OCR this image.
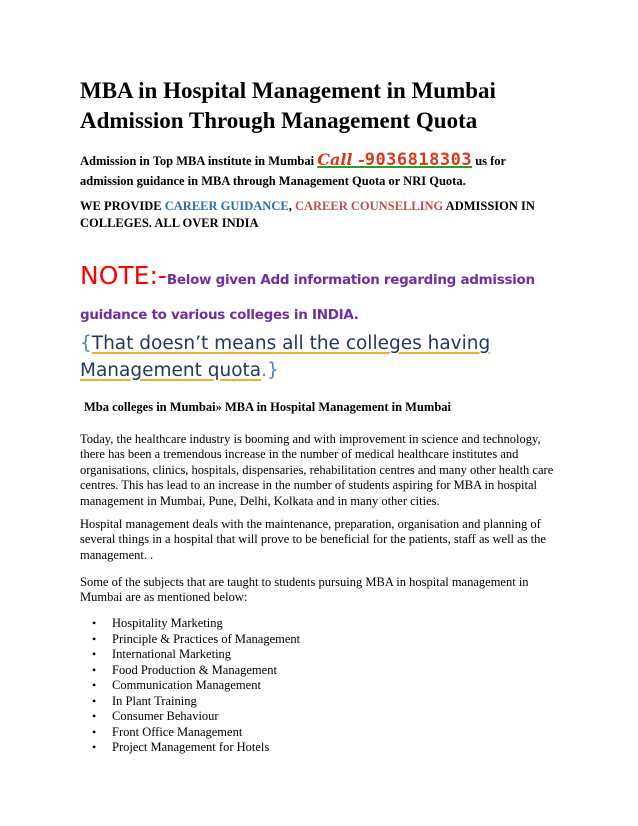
MBA in Hospital Management in Mumbai
Admission Through Management Quota

Admission in Top MBA institute in Mumbai Call -9036818303 us for admission guidance in MBA through Management Quota or NRI Quota.

WE PROVIDE CAREER GUIDANCE, CAREER COUNSELLING ADMISSION IN COLLEGES. ALL OVER INDIA

NOTE:-Below given Add information regarding admission guidance to various colleges in INDIA.

{That doesn’t means all the colleges having Management quota.}

Mba colleges in Mumbai» MBA in Hospital Management in Mumbai

Today, the healthcare industry is booming and with improvement in science and technology, there has been a tremendous increase in the number of medical healthcare institutes and organisations, clinics, hospitals, dispensaries, rehabilitation centres and many other health care centres. This has lead to an increase in the number of students aspiring for MBA in hospital management in Mumbai, Pune, Delhi, Kolkata and in many other cities.

Hospital management deals with the maintenance, preparation, organisation and planning of several things in a hospital that will prove to be beneficial for the patients, staff as well as the management. .

Some of the subjects that are taught to students pursuing MBA in hospital management in Mumbai are as mentioned below:

• Hospitality Marketing
• Principle & Practices of Management
• International Marketing
• Food Production & Management
• Communication Management
• In Plant Training
• Consumer Behaviour
• Front Office Management
• Project Management for Hotels
